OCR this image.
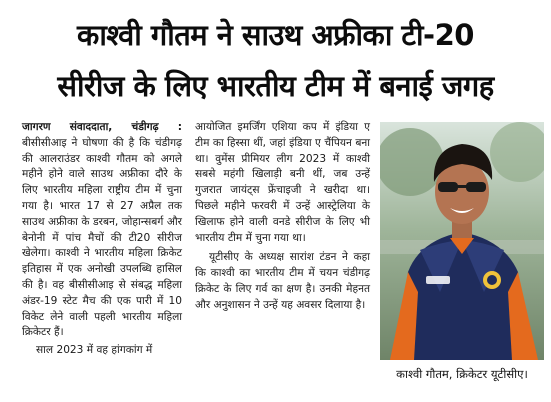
काश्वी गौतम ने साउथ अफ्रीका टी-20
सीरीज के लिए भारतीय टीम में बनाई जगह

जागरण संवाददाता, चंडीगढ़ : बीसीसीआइ ने घोषणा की है कि चंडीगढ़ की आलराउंडर काश्वी गौतम को अगले महीने होने वाले साउथ अफ्रीका दौरे के लिए भारतीय महिला राष्ट्रीय टीम में चुना गया है। भारत 17 से 27 अप्रैल तक साउथ अफ्रीका के डरबन, जोहान्सबर्ग और बेनोनी में पांच मैचों की टी20 सीरीज खेलेगा। काश्वी ने भारतीय महिला क्रिकेट इतिहास में एक अनोखी उपलब्धि हासिल की है। वह बीसीसीआइ से संबद्ध महिला अंडर-19 स्टेट मैच की एक पारी में 10 विकेट लेने वाली पहली भारतीय महिला क्रिकेटर हैं।

साल 2023 में वह हांगकांग में

आयोजित इमर्जिंग एशिया कप में इंडिया ए टीम का हिस्सा थीं, जहां इंडिया ए चैंपियन बना था। वुमेंस प्रीमियर लीग 2023 में काश्वी सबसे महंगी खिलाड़ी बनी थीं, जब उन्हें गुजरात जायंट्स फ्रेंचाइजी ने खरीदा था। पिछले महीने फरवरी में उन्हें आस्ट्रेलिया के खिलाफ होने वाली वनडे सीरीज के लिए भी भारतीय टीम में चुना गया था।

यूटीसीए के अध्यक्ष सारांश टंडन ने कहा कि काश्वी का भारतीय टीम में चयन चंडीगढ़ क्रिकेट के लिए गर्व का क्षण है। उनकी मेहनत और अनुशासन ने उन्हें यह अवसर दिलाया है।

काश्वी गौतम, क्रिकेटर यूटीसीए।
